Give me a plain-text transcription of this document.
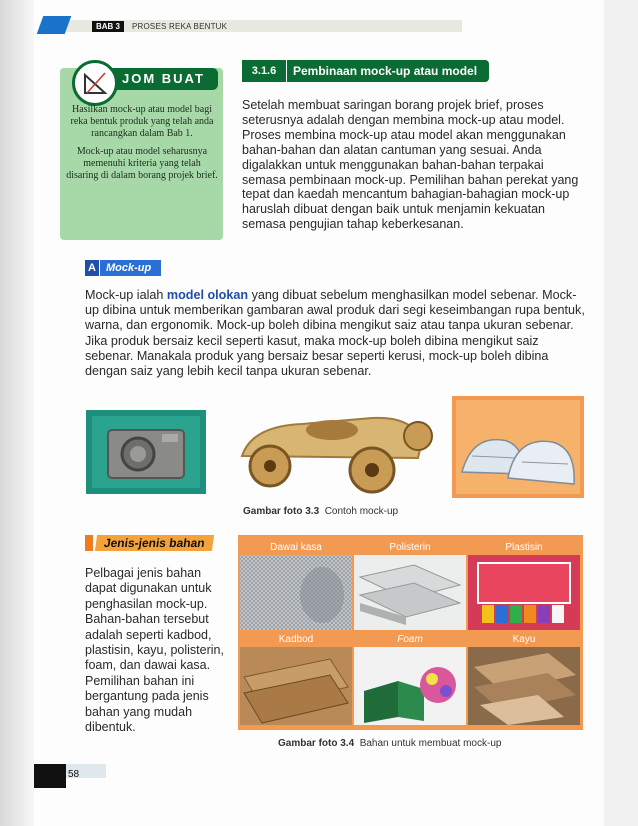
BAB 3	PROSES REKA BENTUK
JOM BUAT

Hasilkan mock-up atau model bagi reka bentuk produk yang telah anda rancangkan dalam Bab 1.

Mock-up atau model seharusnya memenuhi kriteria yang telah disaring di dalam borang projek brief.

3.1.6	Pembinaan mock-up atau model
Setelah membuat saringan borang projek brief, proses seterusnya adalah dengan membina mock-up atau model. Proses membina mock-up atau model akan menggunakan bahan-bahan dan alatan cantuman yang sesuai. Anda digalakkan untuk menggunakan bahan-bahan terpakai semasa pembinaan mock-up. Pemilihan bahan perekat yang tepat dan kaedah mencantum bahagian-bahagian mock-up haruslah dibuat dengan baik untuk menjamin kekuatan semasa pengujian tahap keberkesanan.
A Mock-up
Mock-up ialah model olokan yang dibuat sebelum menghasilkan model sebenar. Mock-up dibina untuk memberikan gambaran awal produk dari segi keseimbangan rupa bentuk, warna, dan ergonomik. Mock-up boleh dibina mengikut saiz atau tanpa ukuran sebenar. Jika produk bersaiz kecil seperti kasut, maka mock-up boleh dibina mengikut saiz sebenar. Manakala produk yang bersaiz besar seperti kerusi, mock-up boleh dibina dengan saiz yang lebih kecil tanpa ukuran sebenar.
Gambar foto 3.3 Contoh mock-up
Jenis-jenis bahan
Pelbagai jenis bahan dapat digunakan untuk penghasilan mock-up. Bahan-bahan tersebut adalah seperti kadbod, plastisin, kayu, polisterin, foam, dan dawai kasa. Pemilihan bahan ini bergantung pada jenis bahan yang mudah dibentuk.
Dawai kasa	Polisterin	Plastisin
Kadbod	Foam	Kayu
Gambar foto 3.4 Bahan untuk membuat mock-up
58
